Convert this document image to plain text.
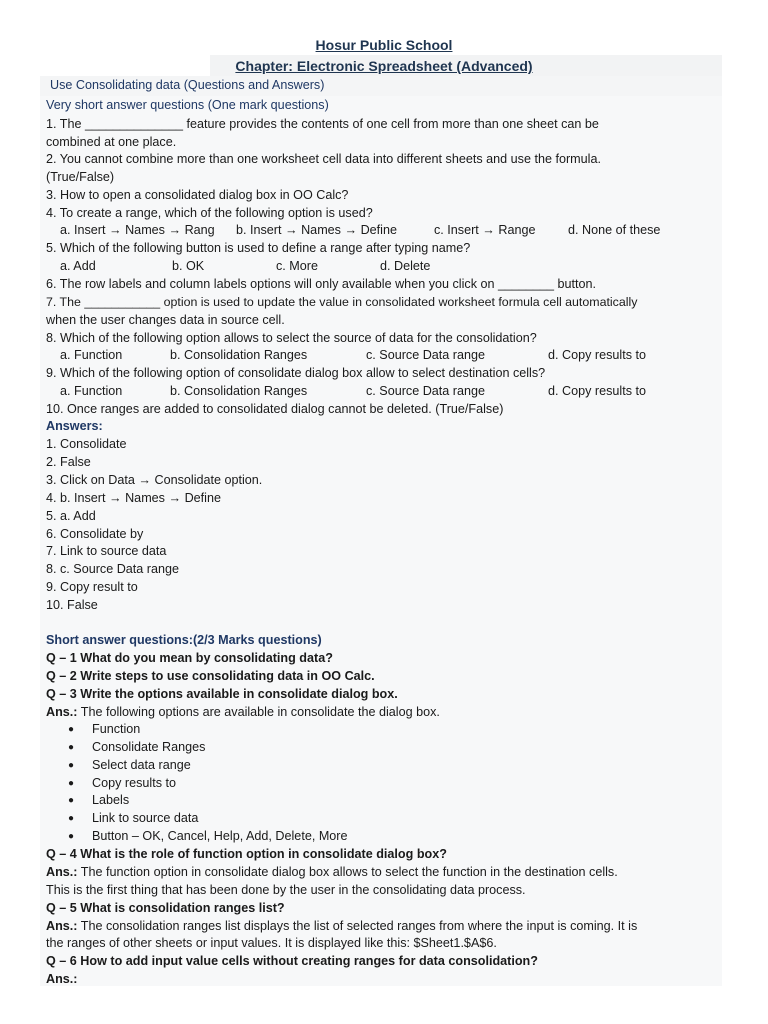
Hosur Public School
Chapter: Electronic Spreadsheet (Advanced)
Use Consolidating data (Questions and Answers)
Very short answer questions (One mark questions)
1. The ______________ feature provides the contents of one cell from more than one sheet can be
combined at one place.
2. You cannot combine more than one worksheet cell data into different sheets and use the formula.
(True/False)
3. How to open a consolidated dialog box in OO Calc?
4. To create a range, which of the following option is used?
a. Insert → Names → Rang b. Insert → Names → Define	c. Insert → Range	d. None of these
5. Which of the following button is used to define a range after typing name?
a. Add	b. OK	c. More	d. Delete
6. The row labels and column labels options will only available when you click on ________ button.
7. The ___________ option is used to update the value in consolidated worksheet formula cell automatically
when the user changes data in source cell.
8. Which of the following option allows to select the source of data for the consolidation?
a. Function	b. Consolidation Ranges	c. Source Data range	d. Copy results to
9. Which of the following option of consolidate dialog box allow to select destination cells?
a. Function	b. Consolidation Ranges	c. Source Data range	d. Copy results to
10. Once ranges are added to consolidated dialog cannot be deleted. (True/False)
Answers:
1. Consolidate
2. False
3. Click on Data → Consolidate option.
4. b. Insert → Names → Define
5. a. Add
6. Consolidate by
7. Link to source data
8. c. Source Data range
9. Copy result to
10. False
Short answer questions:(2/3 Marks questions)
Q – 1 What do you mean by consolidating data?
Q – 2 Write steps to use consolidating data in OO Calc.
Q – 3 Write the options available in consolidate dialog box.
Ans.: The following options are available in consolidate the dialog box.
● Function
● Consolidate Ranges
● Select data range
● Copy results to
● Labels
● Link to source data
● Button – OK, Cancel, Help, Add, Delete, More
Q – 4 What is the role of function option in consolidate dialog box?
Ans.: The function option in consolidate dialog box allows to select the function in the destination cells.
This is the first thing that has been done by the user in the consolidating data process.
Q – 5 What is consolidation ranges list?
Ans.: The consolidation ranges list displays the list of selected ranges from where the input is coming. It is
the ranges of other sheets or input values. It is displayed like this: $Sheet1.$A$6.
Q – 6 How to add input value cells without creating ranges for data consolidation?
Ans.:
